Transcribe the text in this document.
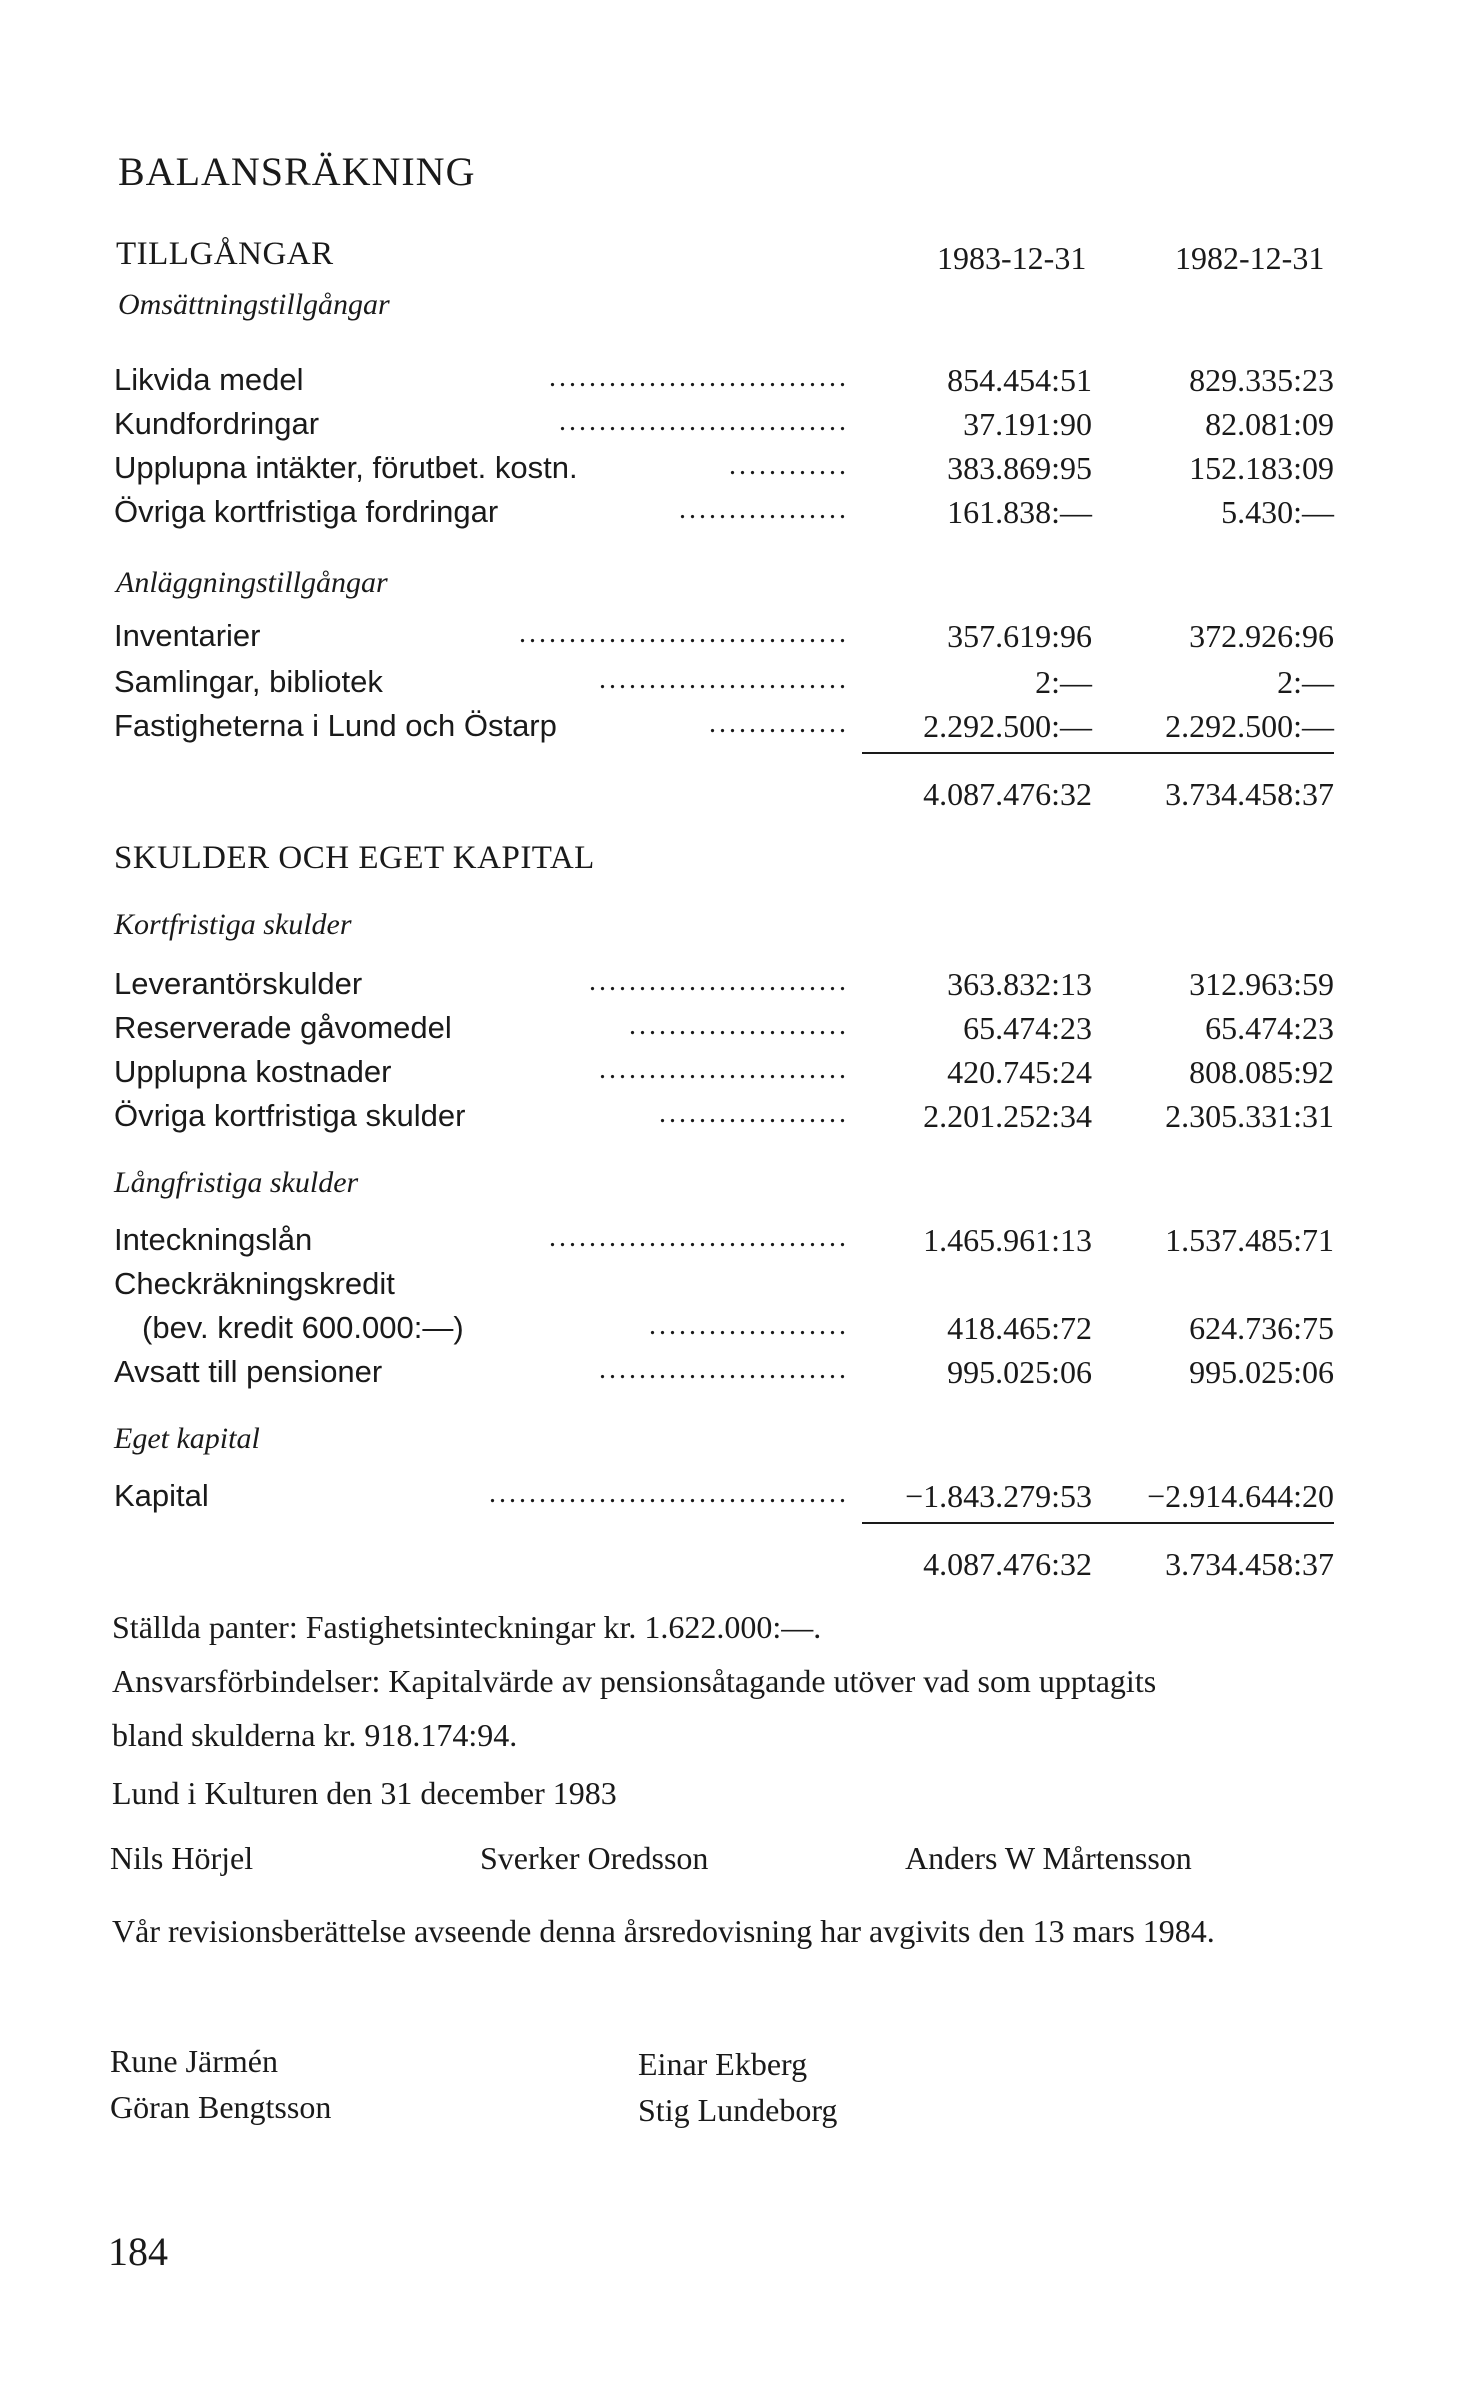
BALANSRÄKNING
TILLGÅNGAR	1983-12-31	1982-12-31
Omsättningstillgångar
Likvida medel	..............................	854.454:51	829.335:23
Kundfordringar	.............................	37.191:90	82.081:09
Upplupna intäkter, förutbet. kostn.	............	383.869:95	152.183:09
Övriga kortfristiga fordringar	.................	161.838:—	5.430:—
Anläggningstillgångar
Inventarier	.................................	357.619:96	372.926:96
Samlingar, bibliotek	.........................	2:—	2:—
Fastigheterna i Lund och Östarp	.............. 2.292.500:— 2.292.500:—
4.087.476:32 3.734.458:37
SKULDER OCH EGET KAPITAL
Kortfristiga skulder
Leverantörskulder	..........................	363.832:13	312.963:59
Reserverade gåvomedel	......................	65.474:23	65.474:23
Upplupna kostnader	.........................	420.745:24	808.085:92
Övriga kortfristiga skulder	................... 2.201.252:34 2.305.331:31
Långfristiga skulder
Inteckningslån	.............................. 1.465.961:13 1.537.485:71
Checkräkningskredit
(bev. kredit 600.000:—)	....................	418.465:72	624.736:75
Avsatt till pensioner	.........................	995.025:06	995.025:06
Eget kapital
Kapital	.................................... −1.843.279:53 −2.914.644:20
4.087.476:32 3.734.458:37
Ställda panter: Fastighetsinteckningar kr. 1.622.000:—.
Ansvarsförbindelser: Kapitalvärde av pensionsåtagande utöver vad som upptagits bland skulderna kr. 918.174:94.
Lund i Kulturen den 31 december 1983
Nils Hörjel	Sverker Oredsson	Anders W Mårtensson
Vår revisionsberättelse avseende denna årsredovisning har avgivits den 13 mars 1984.
Rune Järmén
Göran Bengtsson
Einar Ekberg
Stig Lundeborg
184
